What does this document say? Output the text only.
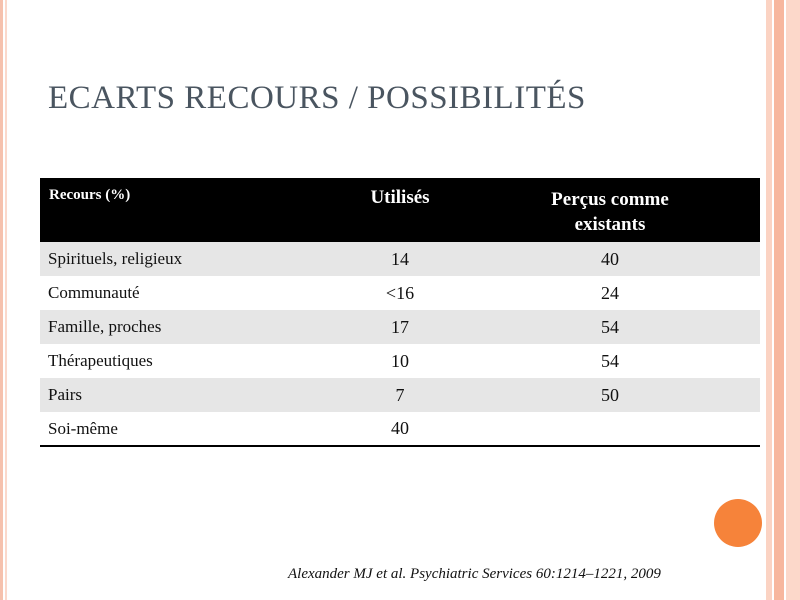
ECARTS RECOURS / POSSIBILITÉS
Recours (%)	Utilisés	Perçus comme
existants
Spirituels, religieux	14	40
Communauté	<16	24
Famille, proches	17	54
Thérapeutiques	10	54
Pairs	7	50
Soi-même	40	
Alexander MJ et al. Psychiatric Services 60:1214–1221, 2009
